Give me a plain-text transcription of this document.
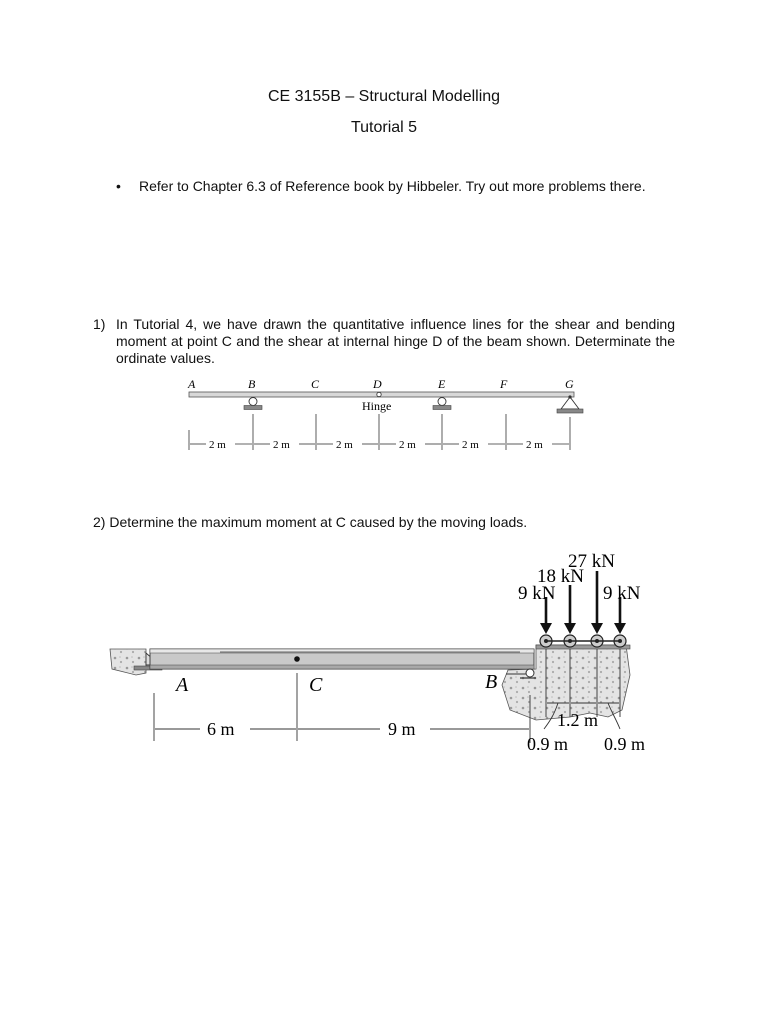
CE 3155B – Structural Modelling
Tutorial 5
• Refer to Chapter 6.3 of Reference book by Hibbeler. Try out more problems there.
1) In Tutorial 4, we have drawn the quantitative influence lines for the shear and bending moment at point C and the shear at internal hinge D of the beam shown. Determinate the ordinate values.
A	B	C	D	E	F	G
Hinge
2 m	2 m	2 m	2 m	2 m	2 m
2) Determine the maximum moment at C caused by the moving loads.
27 kN
18 kN
9 kN	9 kN
A	C	B
6 m	9 m	1.2 m
0.9 m 0.9 m
